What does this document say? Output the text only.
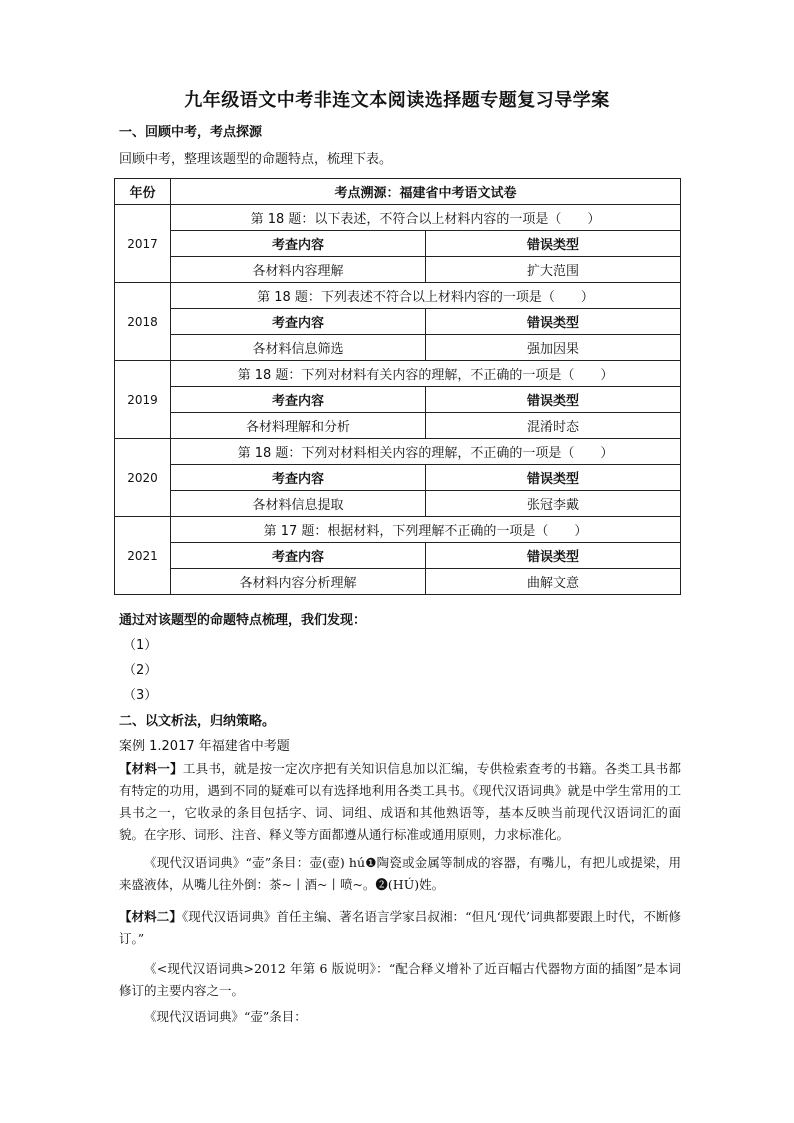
九年级语文中考非连文本阅读选择题专题复习导学案
一、回顾中考，考点探源
回顾中考，整理该题型的命题特点，梳理下表。
年份	考点溯源：福建省中考语文试卷	
2017	第 18 题：以下表述，不符合以上材料内容的一项是（　　）	
	考查内容	错误类型
	各材料内容理解	扩大范围
2018	第 18 题：下列表述不符合以上材料内容的一项是（　　）	
	考查内容	错误类型
	各材料信息筛选	强加因果
2019	第 18 题：下列对材料有关内容的理解，不正确的一项是（　　）	
	考查内容	错误类型
	各材料理解和分析	混淆时态
2020	第 18 题：下列对材料相关内容的理解，不正确的一项是（　　）	
	考查内容	错误类型
	各材料信息提取	张冠李戴
2021	第 17 题：根据材料，下列理解不正确的一项是（　　）	
	考查内容	错误类型
	各材料内容分析理解	曲解文意
通过对该题型的命题特点梳理，我们发现：
（1）
（2）
（3）
二、以文析法，归纳策略。
案例 1.2017 年福建省中考题
【材料一】工具书，就是按一定次序把有关知识信息加以汇编，专供检索查考的书籍。各类工具书都有特定的功用，遇到不同的疑难可以有选择地利用各类工具书。《现代汉语词典》就是中学生常用的工具书之一，它收录的条目包括字、词、词组、成语和其他熟语等，基本反映当前现代汉语词汇的面貌。在字形、词形、注音、释义等方面都遵从通行标准或通用原则，力求标准化。
《现代汉语词典》“壶”条目：壶(壺) hú❶陶瓷或金属等制成的容器，有嘴儿，有把儿或提梁，用来盛液体，从嘴儿往外倒：茶~丨酒~丨喷~。❷(HÚ)姓。
【材料二】《现代汉语词典》首任主编、著名语言学家吕叔湘：“但凡‘现代’词典都要跟上时代，不断修订。”
《<现代汉语词典>2012 年第 6 版说明》：“配合释义增补了近百幅古代器物方面的插图”是本词修订的主要内容之一。
《现代汉语词典》“壶”条目：
